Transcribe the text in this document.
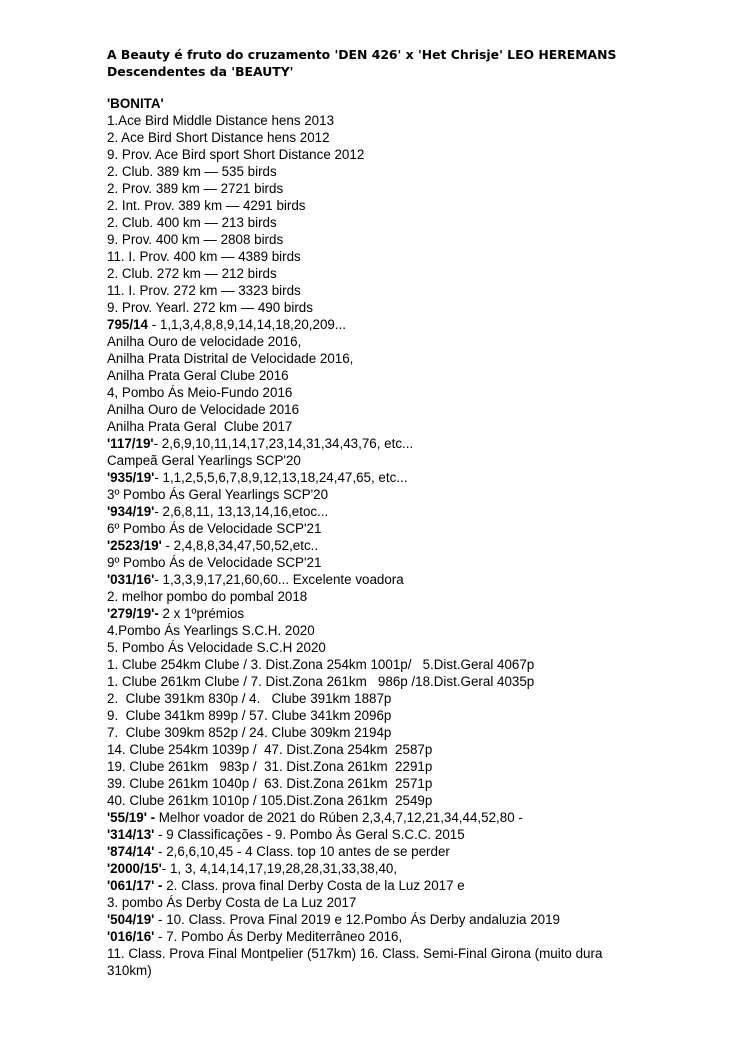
A Beauty é fruto do cruzamento 'DEN 426' x 'Het Chrisje' LEO HEREMANS

Descendentes da 'BEAUTY'

'BONITA'

1.Ace Bird Middle Distance hens 2013

2. Ace Bird Short Distance hens 2012

9. Prov. Ace Bird sport Short Distance 2012

2. Club. 389 km — 535 birds

2. Prov. 389 km — 2721 birds

2. Int. Prov. 389 km — 4291 birds

2. Club. 400 km — 213 birds

9. Prov. 400 km — 2808 birds

11. I. Prov. 400 km — 4389 birds

2. Club. 272 km — 212 birds

11. I. Prov. 272 km — 3323 birds

9. Prov. Yearl. 272 km — 490 birds

795/14 - 1,1,3,4,8,8,9,14,14,18,20,209...

Anilha Ouro de velocidade 2016,

Anilha Prata Distrital de Velocidade 2016,

Anilha Prata Geral Clube 2016

4, Pombo Ás Meio-Fundo 2016

Anilha Ouro de Velocidade 2016

Anilha Prata Geral  Clube 2017

'117/19'- 2,6,9,10,11,14,17,23,14,31,34,43,76, etc...

Campeã Geral Yearlings SCP'20

'935/19'- 1,1,2,5,5,6,7,8,9,12,13,18,24,47,65, etc...

3º Pombo Ás Geral Yearlings SCP'20

'934/19'- 2,6,8,11, 13,13,14,16,etoc...

6º Pombo Ás de Velocidade SCP'21

'2523/19' - 2,4,8,8,34,47,50,52,etc..

9º Pombo Ás de Velocidade SCP'21

'031/16'- 1,3,3,9,17,21,60,60... Excelente voadora

2. melhor pombo do pombal 2018

'279/19'- 2 x 1ºprémios

4.Pombo Ás Yearlings S.C.H. 2020

5. Pombo Ás Velocidade S.C.H 2020

1. Clube 254km Clube / 3. Dist.Zona 254km 1001p/   5.Dist.Geral 4067p

1. Clube 261km Clube / 7. Dist.Zona 261km   986p /18.Dist.Geral 4035p

2.  Clube 391km 830p / 4.   Clube 391km 1887p

9.  Clube 341km 899p / 57. Clube 341km 2096p

7.  Clube 309km 852p / 24. Clube 309km 2194p

14. Clube 254km 1039p /  47. Dist.Zona 254km  2587p

19. Clube 261km   983p /  31. Dist.Zona 261km  2291p

39. Clube 261km 1040p /  63. Dist.Zona 261km  2571p

40. Clube 261km 1010p / 105.Dist.Zona 261km  2549p

'55/19' - Melhor voador de 2021 do Rúben 2,3,4,7,12,21,34,44,52,80 -

'314/13' - 9 Classificações - 9. Pombo Às Geral S.C.C. 2015

'874/14' - 2,6,6,10,45 - 4 Class. top 10 antes de se perder

'2000/15'- 1, 3, 4,14,14,17,19,28,28,31,33,38,40,

'061/17' - 2. Class. prova final Derby Costa de la Luz 2017 e

3. pombo Ás Derby Costa de La Luz 2017

'504/19' - 10. Class. Prova Final 2019 e 12.Pombo Ás Derby andaluzia 2019

'016/16' - 7. Pombo Ás Derby Mediterrâneo 2016,

11. Class. Prova Final Montpelier (517km) 16. Class. Semi-Final Girona (muito dura 310km)
